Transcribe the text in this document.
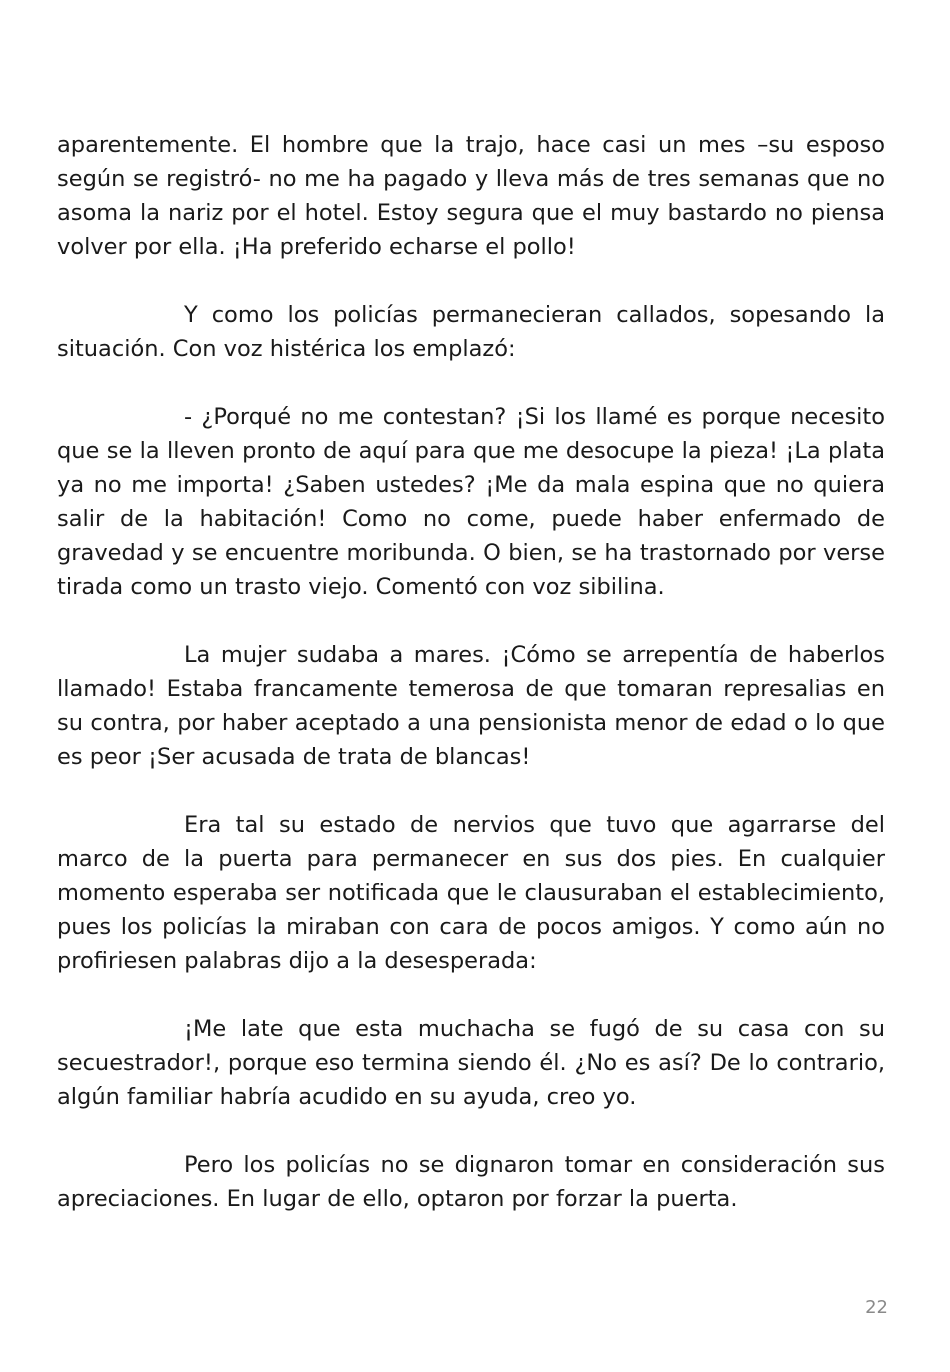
aparentemente. El hombre que la trajo, hace casi un mes –su esposo según se registró- no me ha pagado y lleva más de tres semanas que no asoma la nariz por el hotel. Estoy segura que el muy bastardo no piensa volver por ella. ¡Ha preferido echarse el pollo!

Y como los policías permanecieran callados, sopesando la situación. Con voz histérica los emplazó:

- ¿Porqué no me contestan? ¡Si los llamé es porque necesito que se la lleven pronto de aquí para que me desocupe la pieza! ¡La plata ya no me importa! ¿Saben ustedes? ¡Me da mala espina que no quiera salir de la habitación! Como no come, puede haber enfermado de gravedad y se encuentre moribunda. O bien, se ha trastornado por verse tirada como un trasto viejo. Comentó con voz sibilina.

La mujer sudaba a mares. ¡Cómo se arrepentía de haberlos llamado! Estaba francamente temerosa de que tomaran represalias en su contra, por haber aceptado a una pensionista menor de edad o lo que es peor ¡Ser acusada de trata de blancas!

Era tal su estado de nervios que tuvo que agarrarse del marco de la puerta para permanecer en sus dos pies. En cualquier momento esperaba ser notificada que le clausuraban el establecimiento, pues los policías la miraban con cara de pocos amigos. Y como aún no profiriesen palabras dijo a la desesperada:

¡Me late que esta muchacha se fugó de su casa con su secuestrador!, porque eso termina siendo él. ¿No es así? De lo contrario, algún familiar habría acudido en su ayuda, creo yo.

Pero los policías no se dignaron tomar en consideración sus apreciaciones. En lugar de ello, optaron por forzar la puerta.

22
